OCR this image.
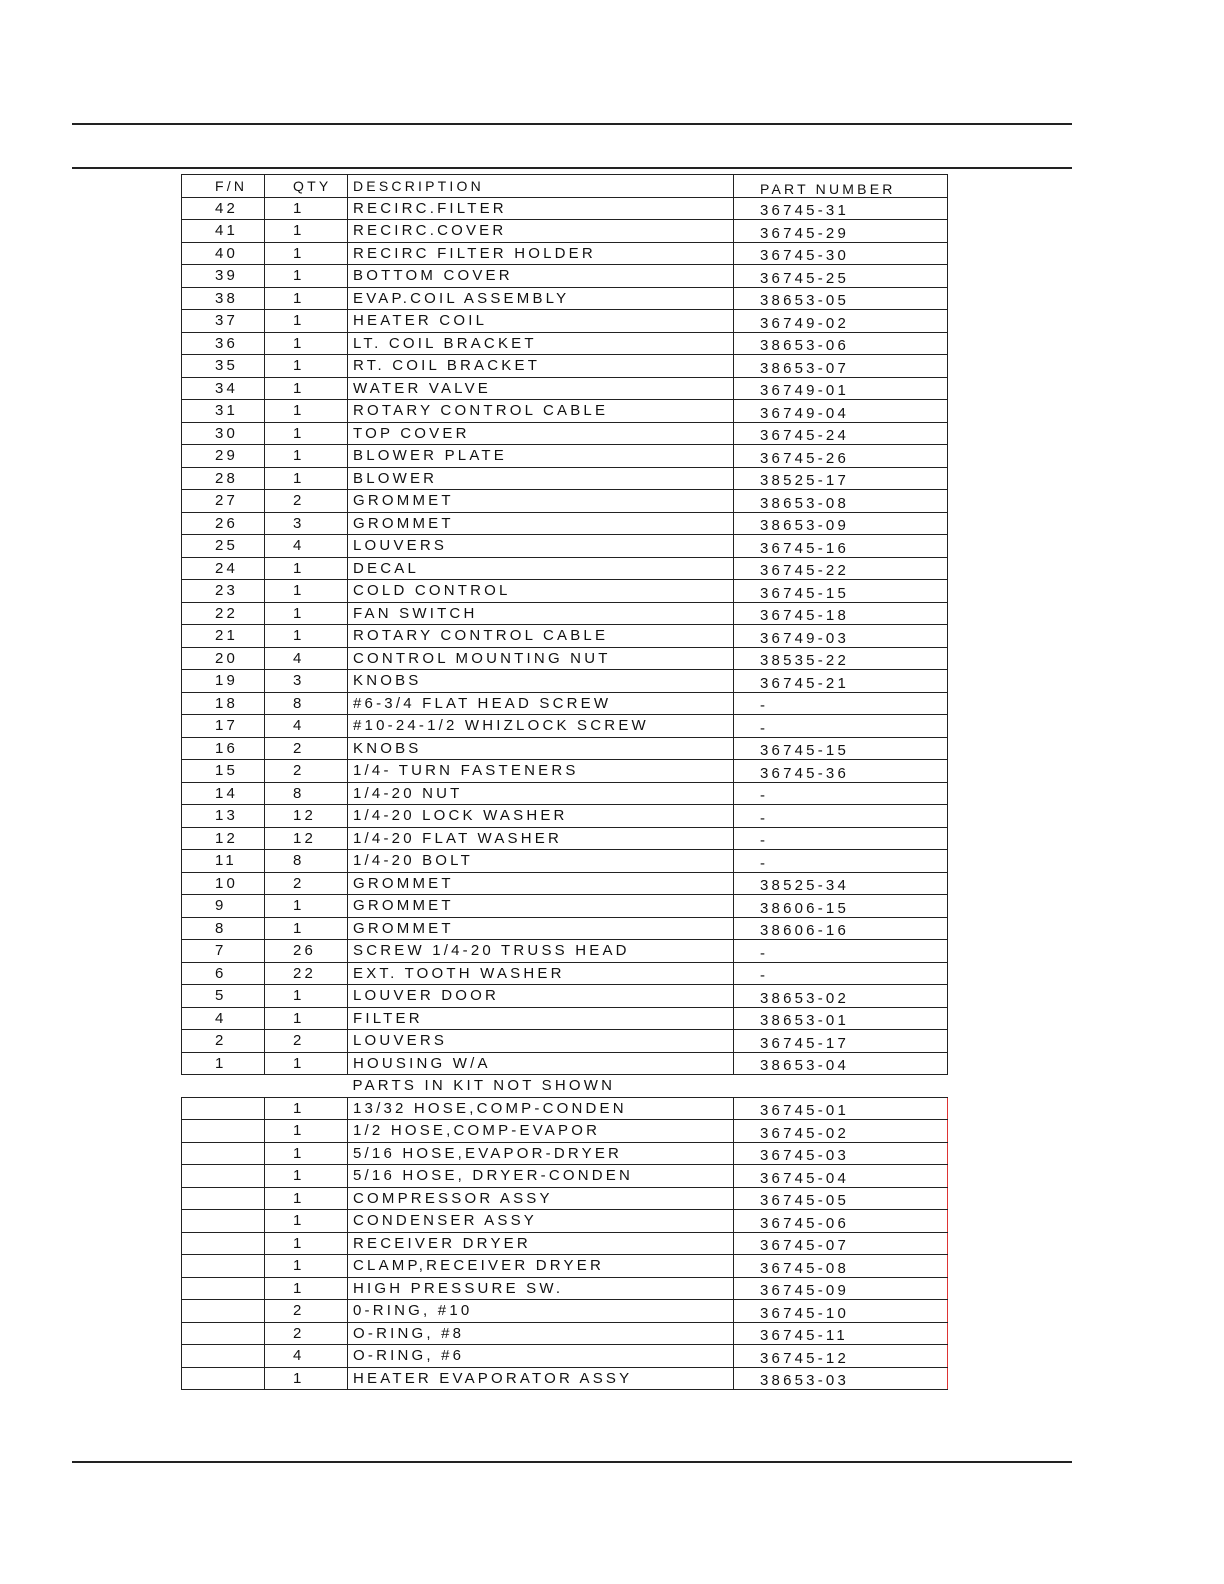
F/N	QTY	DESCRIPTION	PART NUMBER
42	1	RECIRC.FILTER	36745-31
41	1	RECIRC.COVER	36745-29
40	1	RECIRC FILTER HOLDER	36745-30
39	1	BOTTOM COVER	36745-25
38	1	EVAP.COIL ASSEMBLY	38653-05
37	1	HEATER COIL	36749-02
36	1	LT. COIL BRACKET	38653-06
35	1	RT. COIL BRACKET	38653-07
34	1	WATER VALVE	36749-01
31	1	ROTARY CONTROL CABLE	36749-04
30	1	TOP COVER	36745-24
29	1	BLOWER PLATE	36745-26
28	1	BLOWER	38525-17
27	2	GROMMET	38653-08
26	3	GROMMET	38653-09
25	4	LOUVERS	36745-16
24	1	DECAL	36745-22
23	1	COLD CONTROL	36745-15
22	1	FAN SWITCH	36745-18
21	1	ROTARY CONTROL CABLE	36749-03
20	4	CONTROL MOUNTING NUT	38535-22
19	3	KNOBS	36745-21
18	8	#6-3/4 FLAT HEAD SCREW	-
17	4	#10-24-1/2 WHIZLOCK SCREW	-
16	2	KNOBS	36745-15
15	2	1/4- TURN FASTENERS	36745-36
14	8	1/4-20 NUT	-
13	12	1/4-20 LOCK WASHER	-
12	12	1/4-20 FLAT WASHER	-
11	8	1/4-20 BOLT	-
10	2	GROMMET	38525-34
9	1	GROMMET	38606-15
8	1	GROMMET	38606-16
7	26	SCREW 1/4-20 TRUSS HEAD	-
6	22	EXT. TOOTH WASHER	-
5	1	LOUVER DOOR	38653-02
4	1	FILTER	38653-01
2	2	LOUVERS	36745-17
1	1	HOUSING W/A	38653-04
		PARTS IN KIT NOT SHOWN	
	1	13/32 HOSE,COMP-CONDEN	36745-01
	1	1/2 HOSE,COMP-EVAPOR	36745-02
	1	5/16 HOSE,EVAPOR-DRYER	36745-03
	1	5/16 HOSE, DRYER-CONDEN	36745-04
	1	COMPRESSOR ASSY	36745-05
	1	CONDENSER ASSY	36745-06
	1	RECEIVER DRYER	36745-07
	1	CLAMP,RECEIVER DRYER	36745-08
	1	HIGH PRESSURE SW.	36745-09
	2	0-RING, #10	36745-10
	2	O-RING, #8	36745-11
	4	O-RING, #6	36745-12
	1	HEATER EVAPORATOR ASSY	38653-03
